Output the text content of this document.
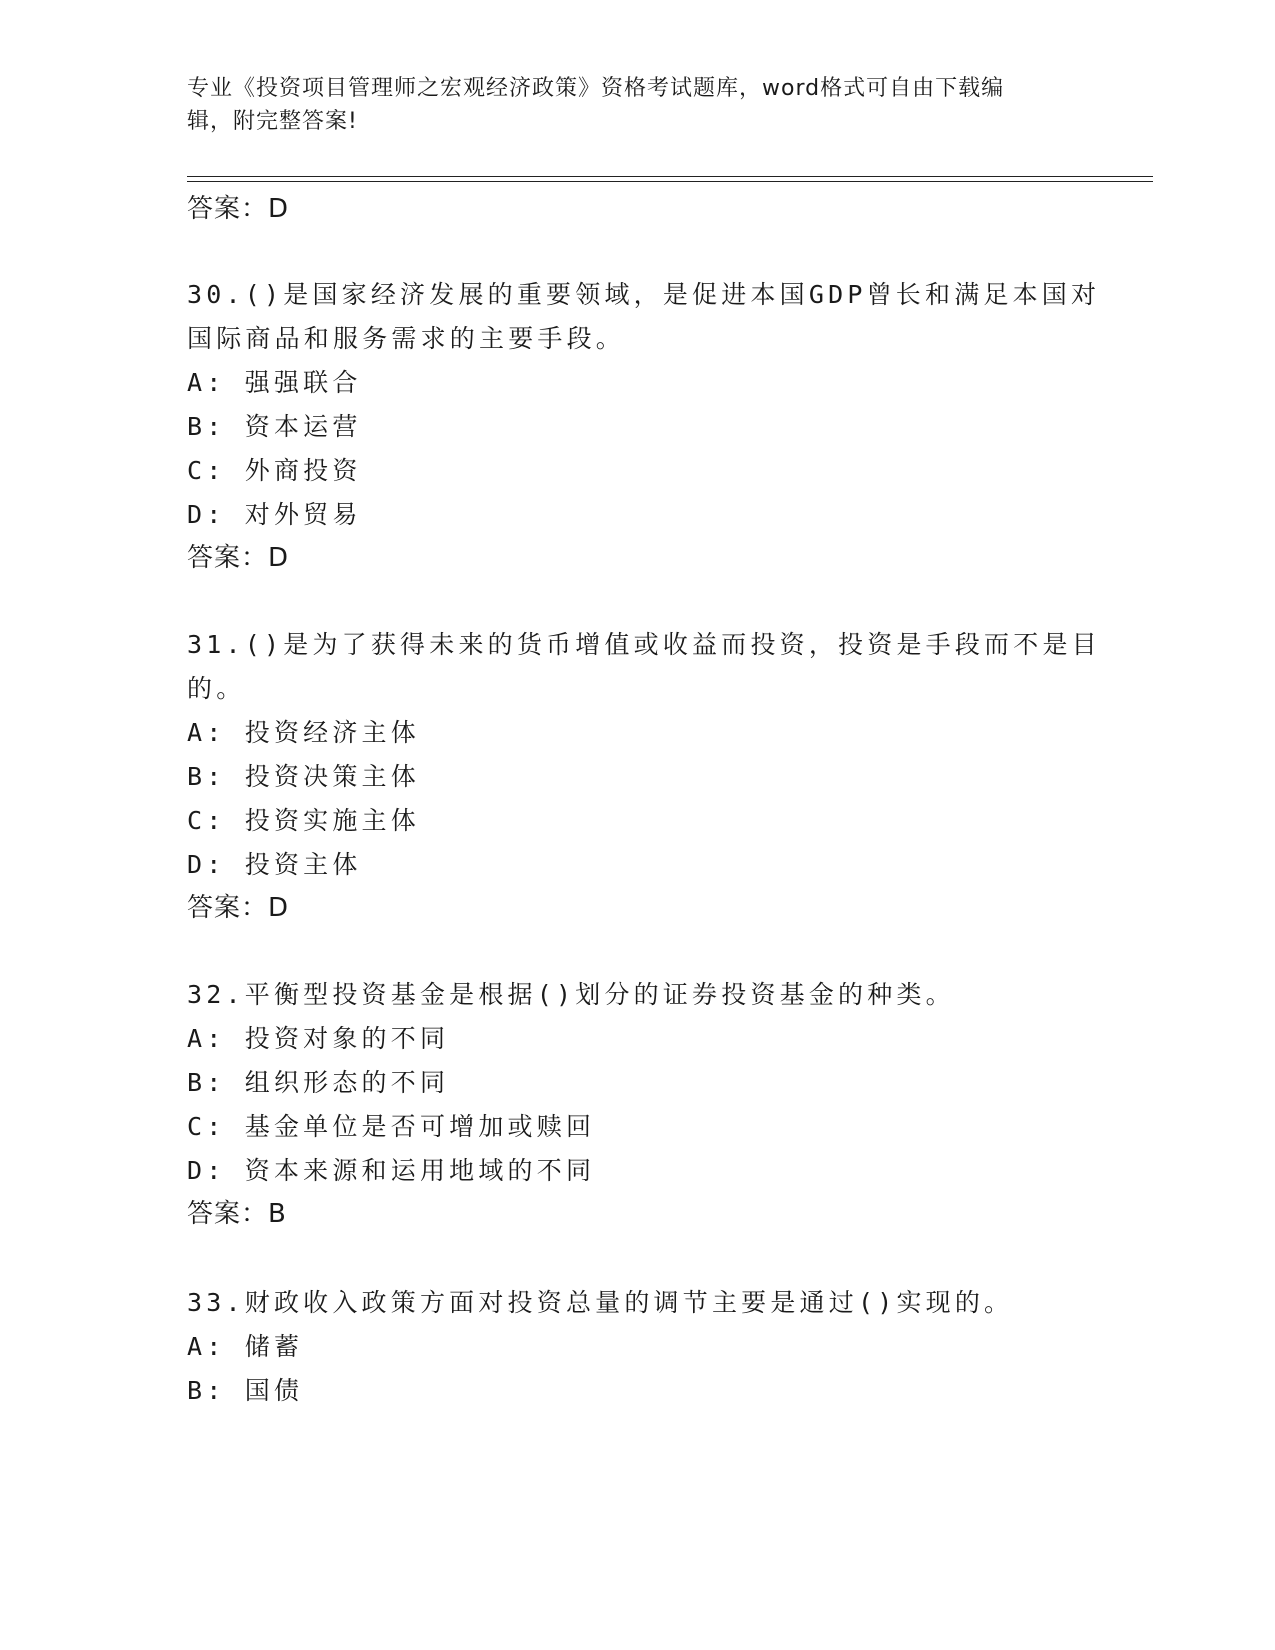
专业《投资项目管理师之宏观经济政策》资格考试题库，word格式可自由下载编
辑，附完整答案!
答案：D
30.()是国家经济发展的重要领域，是促进本国GDP曾长和满足本国对
国际商品和服务需求的主要手段。
A: 强强联合
B: 资本运营
C: 外商投资
D: 对外贸易
答案：D
31.()是为了获得未来的货币增值或收益而投资，投资是手段而不是目
的。
A: 投资经济主体
B: 投资决策主体
C: 投资实施主体
D: 投资主体
答案：D
32.平衡型投资基金是根据()划分的证券投资基金的种类。
A: 投资对象的不同
B: 组织形态的不同
C: 基金单位是否可增加或赎回
D: 资本来源和运用地域的不同
答案：B
33.财政收入政策方面对投资总量的调节主要是通过()实现的。
A: 储蓄
B: 国债
